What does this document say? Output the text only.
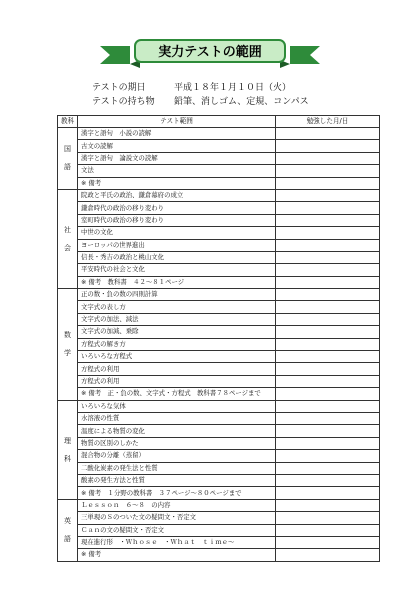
実力テストの範囲
テストの期日	平成１８年１月１０日（火）
テストの持ち物 鉛筆、消しゴム、定規、コンパス
教科	テスト範囲	勉強した月/日

国
語	漢字と語句　小説の読解	
	古文の読解	
	漢字と語句　論説文の読解	
	文法	
	※ 備考	

社
会	院政と平氏の政治、鎌倉幕府の成立	
	鎌倉時代の政治の移り変わり	
	室町時代の政治の移り変わり	
	中世の文化	
	ヨーロッパの世界進出	
	信長・秀吉の政治と桃山文化	
	平安時代の社会と文化	
	※ 備考　教科書　４２～８１ページ	

数
学	正の数・負の数の四則計算	
	文字式の表し方	
	文字式の加法、減法	
	文字式の加減、乗除	
	方程式の解き方	
	いろいろな方程式	
	方程式の利用	
	方程式の利用	
	※ 備考　正・負の数、文字式・方程式　教科書７８ページまで	

理
科	いろいろな気体	
	水溶液の性質	
	温度による物質の変化	
	物質の区別のしかた	
	混合物の分離（蒸留）	
	二酸化炭素の発生法と性質	
	酸素の発生方法と性質	
	※ 備考　１分野の教科書　３７ページ～８０ページまで	

英
語	Ｌｅｓｓｏｎ　６～８　の内容	
	三単現のＳのついた文の疑問文・否定文	
	Ｃａｎの文の疑問文・否定文	
	現在進行形　・Ｗｈｏｓｅ　・Ｗｈａｔ　ｔｉｍｅ～	
	※ 備考	
